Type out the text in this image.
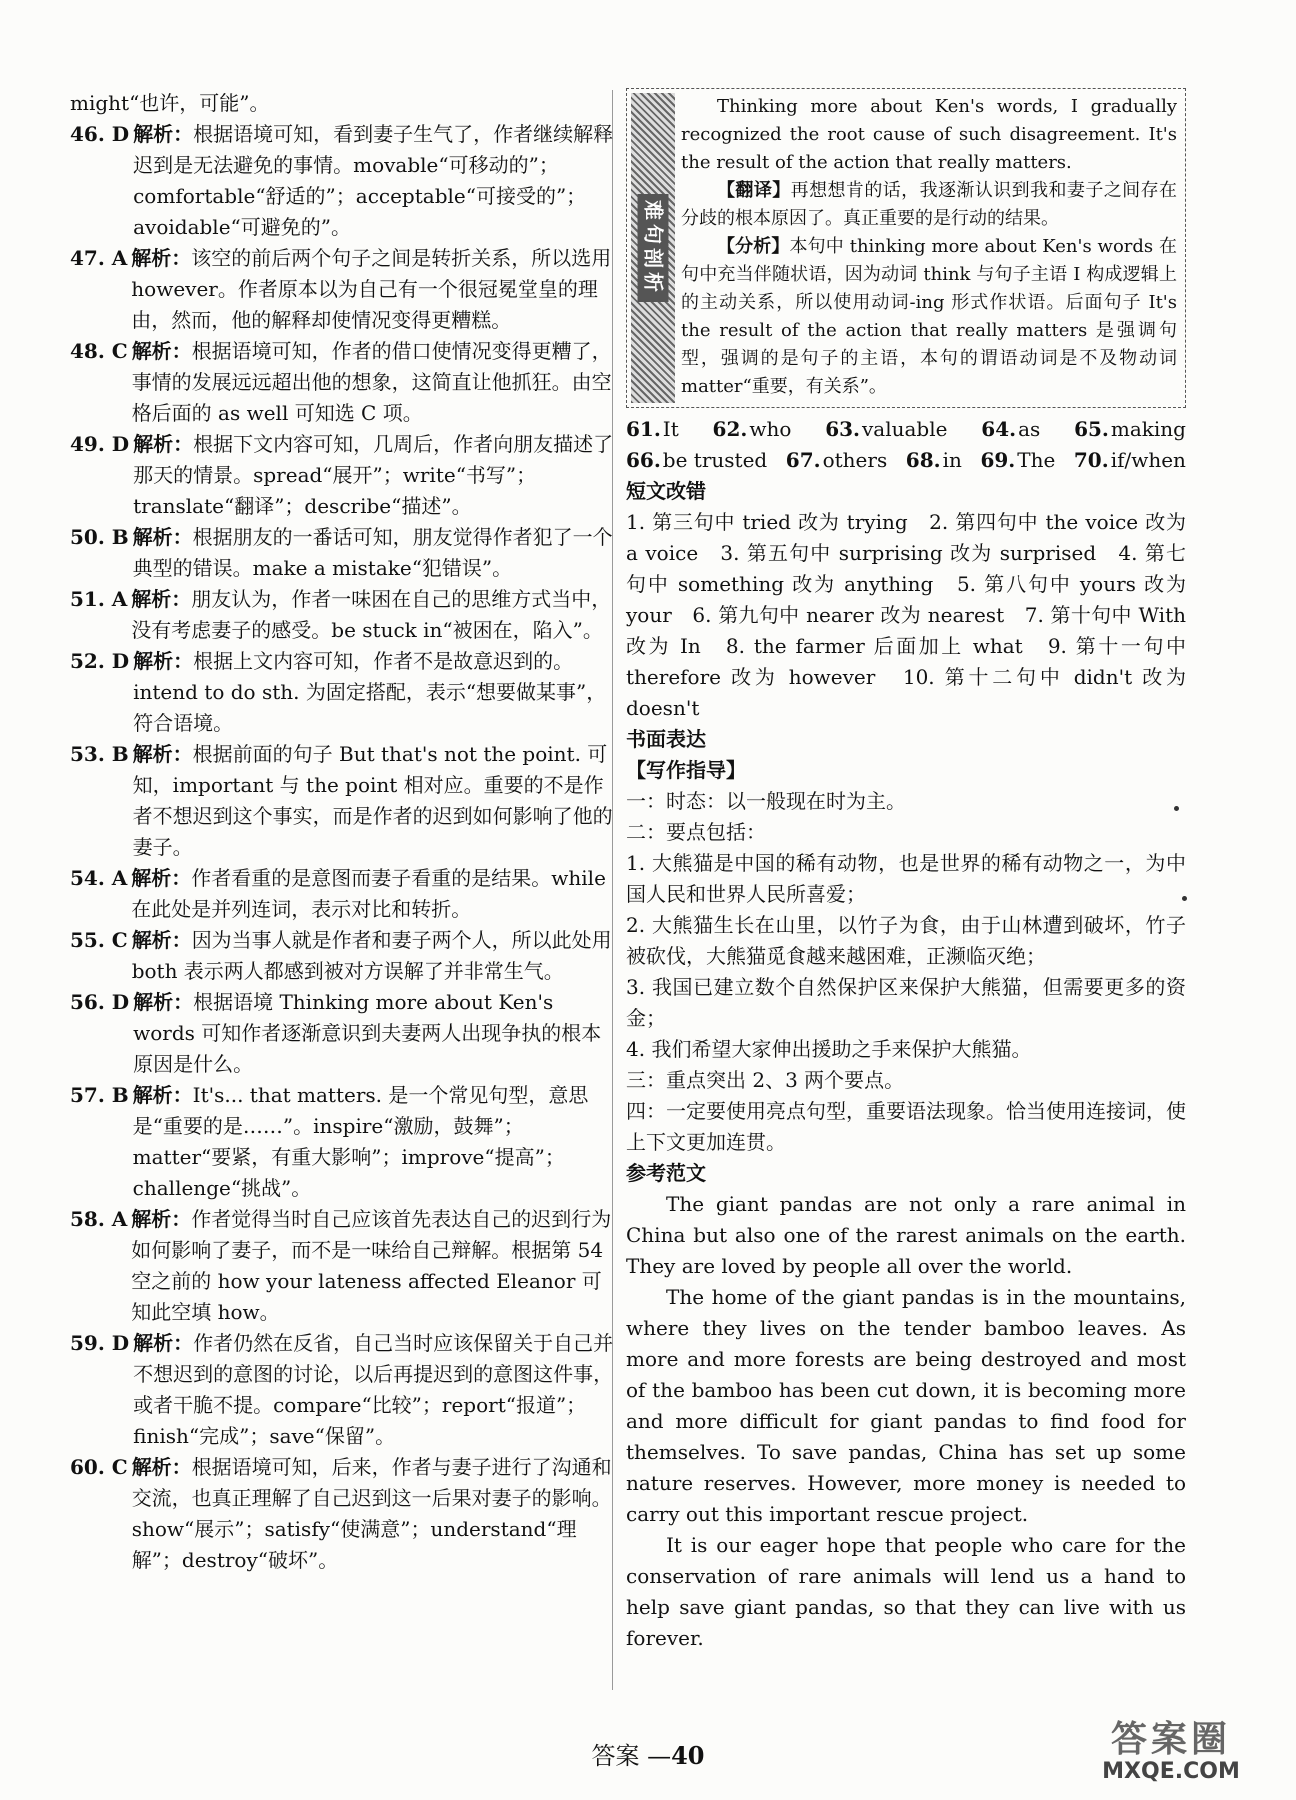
might“也许，可能”。

46. D 解析：根据语境可知，看到妻子生气了，作者继续解释迟到是无法避免的事情。movable“可移动的”；comfortable“舒适的”；acceptable“可接受的”；avoidable“可避免的”。
47. A 解析：该空的前后两个句子之间是转折关系，所以选用 however。作者原本以为自己有一个很冠冕堂皇的理由，然而，他的解释却使情况变得更糟糕。
48. C 解析：根据语境可知，作者的借口使情况变得更糟了，事情的发展远远超出他的想象，这简直让他抓狂。由空格后面的 as well 可知选 C 项。
49. D 解析：根据下文内容可知，几周后，作者向朋友描述了那天的情景。spread“展开”；write“书写”；translate“翻译”；describe“描述”。
50. B 解析：根据朋友的一番话可知，朋友觉得作者犯了一个典型的错误。make a mistake“犯错误”。
51. A 解析：朋友认为，作者一味困在自己的思维方式当中，没有考虑妻子的感受。be stuck in“被困在，陷入”。
52. D 解析：根据上文内容可知，作者不是故意迟到的。intend to do sth. 为固定搭配，表示“想要做某事”，符合语境。
53. B 解析：根据前面的句子 But that's not the point. 可知，important 与 the point 相对应。重要的不是作者不想迟到这个事实，而是作者的迟到如何影响了他的妻子。
54. A 解析：作者看重的是意图而妻子看重的是结果。while 在此处是并列连词，表示对比和转折。
55. C 解析：因为当事人就是作者和妻子两个人，所以此处用 both 表示两人都感到被对方误解了并非常生气。
56. D 解析：根据语境 Thinking more about Ken's words 可知作者逐渐意识到夫妻两人出现争执的根本原因是什么。
57. B 解析：It's... that matters. 是一个常见句型，意思是“重要的是……”。inspire“激励，鼓舞”；matter“要紧，有重大影响”；improve“提高”；challenge“挑战”。
58. A 解析：作者觉得当时自己应该首先表达自己的迟到行为如何影响了妻子，而不是一味给自己辩解。根据第 54 空之前的 how your lateness affected Eleanor 可知此空填 how。
59. D 解析：作者仍然在反省，自己当时应该保留关于自己并不想迟到的意图的讨论，以后再提迟到的意图这件事，或者干脆不提。compare“比较”；report“报道”；finish“完成”；save“保留”。
60. C 解析：根据语境可知，后来，作者与妻子进行了沟通和交流，也真正理解了自己迟到这一后果对妻子的影响。show“展示”；satisfy“使满意”；understand“理解”；destroy“破坏”。
难句剖析

Thinking more about Ken's words, I gradually recognized the root cause of such disagreement. It's the result of the action that really matters.

【翻译】再想想肯的话，我逐渐认识到我和妻子之间存在分歧的根本原因了。真正重要的是行动的结果。

【分析】本句中 thinking more about Ken's words 在句中充当伴随状语，因为动词 think 与句子主语 I 构成逻辑上的主动关系，所以使用动词-ing 形式作状语。后面句子 It's the result of the action that really matters 是强调句型，强调的是句子的主语，本句的谓语动词是不及物动词 matter“重要，有关系”。

61. It 62. who 63. valuable 64. as 65. making
66. be trusted 67. others 68. in 69. The 70. if/when

短文改错

1. 第三句中 tried 改为 trying　2. 第四句中 the voice 改为 a voice　3. 第五句中 surprising 改为 surprised　4. 第七句中 something 改为 anything　5. 第八句中 yours 改为 your　6. 第九句中 nearer 改为 nearest　7. 第十句中 With 改为 In　8. the farmer 后面加上 what　9. 第十一句中 therefore 改为 however　10. 第十二句中 didn't 改为 doesn't

书面表达

【写作指导】

一：时态：以一般现在时为主。

二：要点包括：

1. 大熊猫是中国的稀有动物，也是世界的稀有动物之一，为中国人民和世界人民所喜爱；

2. 大熊猫生长在山里，以竹子为食，由于山林遭到破坏，竹子被砍伐，大熊猫觅食越来越困难，正濒临灭绝；

3. 我国已建立数个自然保护区来保护大熊猫，但需要更多的资金；

4. 我们希望大家伸出援助之手来保护大熊猫。

三：重点突出 2、3 两个要点。

四：一定要使用亮点句型，重要语法现象。恰当使用连接词，使上下文更加连贯。

参考范文

The giant pandas are not only a rare animal in China but also one of the rarest animals on the earth. They are loved by people all over the world.

The home of the giant pandas is in the mountains, where they lives on the tender bamboo leaves. As more and more forests are being destroyed and most of the bamboo has been cut down, it is becoming more and more difficult for giant pandas to find food for themselves. To save pandas, China has set up some nature reserves. However, more money is needed to carry out this important rescue project.

It is our eager hope that people who care for the conservation of rare animals will lend us a hand to help save giant pandas, so that they can live with us forever.

答案 —40	答案圈
MXQE.COM
